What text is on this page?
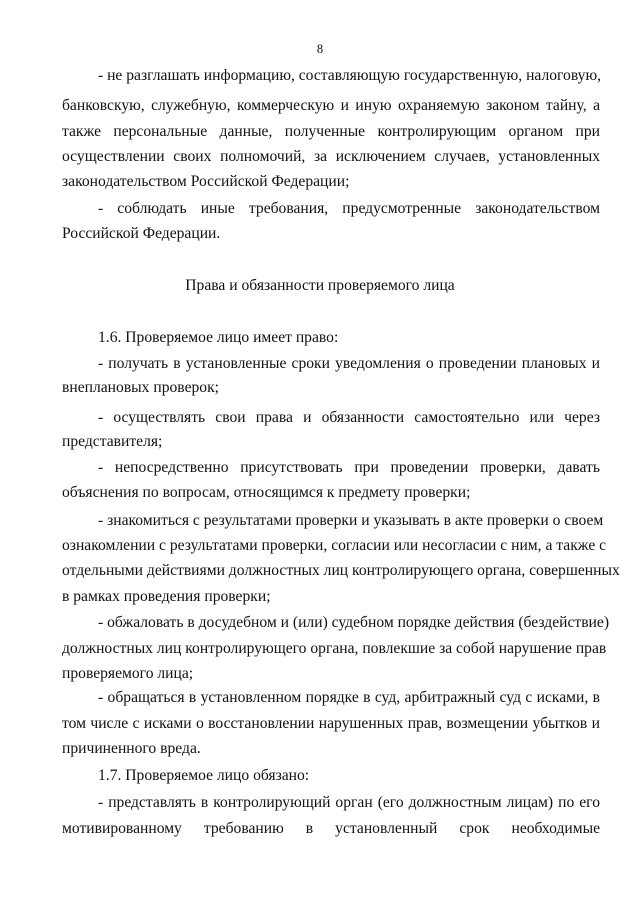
8
- не разглашать информацию, составляющую государственную, налоговую,
банковскую, служебную, коммерческую и иную охраняемую законом тайну, а
также персональные данные, полученные контролирующим органом при
осуществлении своих полномочий, за исключением случаев, установленных
законодательством Российской Федерации;
- соблюдать иные требования, предусмотренные законодательством
Российской Федерации.
Права и обязанности проверяемого лица
1.6. Проверяемое лицо имеет право:
- получать в установленные сроки уведомления о проведении плановых и
внеплановых проверок;
- осуществлять свои права и обязанности самостоятельно или через
представителя;
- непосредственно присутствовать при проведении проверки, давать
объяснения по вопросам, относящимся к предмету проверки;
- знакомиться с результатами проверки и указывать в акте проверки о своем
ознакомлении с результатами проверки, согласии или несогласии с ним, а также с
отдельными действиями должностных лиц контролирующего органа, совершенных
в рамках проведения проверки;
- обжаловать в досудебном и (или) судебном порядке действия (бездействие)
должностных лиц контролирующего органа, повлекшие за собой нарушение прав
проверяемого лица;
- обращаться в установленном порядке в суд, арбитражный суд с исками, в
том числе с исками о восстановлении нарушенных прав, возмещении убытков и
причиненного вреда.
1.7. Проверяемое лицо обязано:
- представлять в контролирующий орган (его должностным лицам) по его
мотивированному требованию в установленный срок необходимые
